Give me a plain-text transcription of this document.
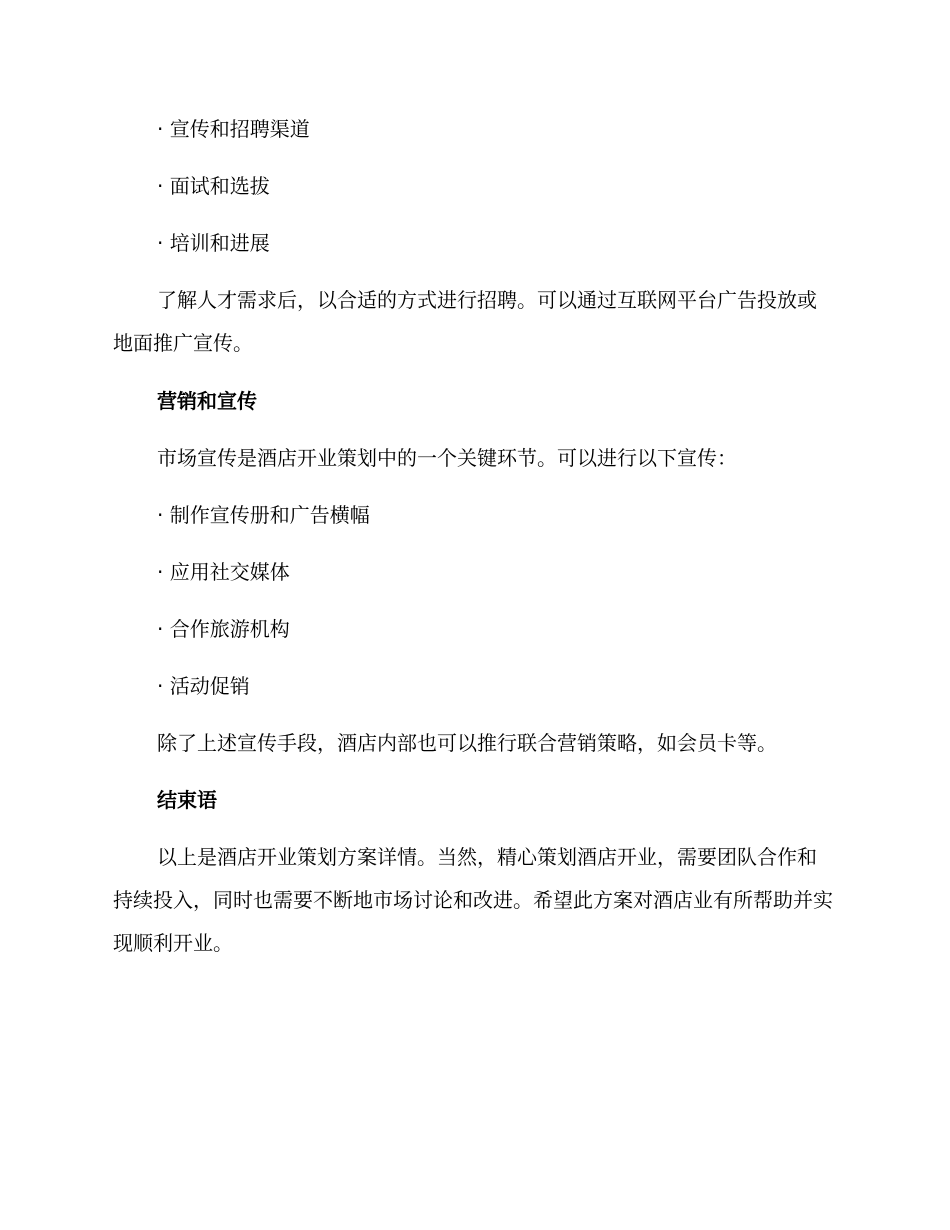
· 宣传和招聘渠道

· 面试和选拔

· 培训和进展

了解人才需求后，以合适的方式进行招聘。可以通过互联网平台广告投放或地面推广宣传。

营销和宣传

市场宣传是酒店开业策划中的一个关键环节。可以进行以下宣传：

· 制作宣传册和广告横幅

· 应用社交媒体

· 合作旅游机构

· 活动促销

除了上述宣传手段，酒店内部也可以推行联合营销策略，如会员卡等。

结束语

以上是酒店开业策划方案详情。当然，精心策划酒店开业，需要团队合作和持续投入，同时也需要不断地市场讨论和改进。希望此方案对酒店业有所帮助并实现顺利开业。
